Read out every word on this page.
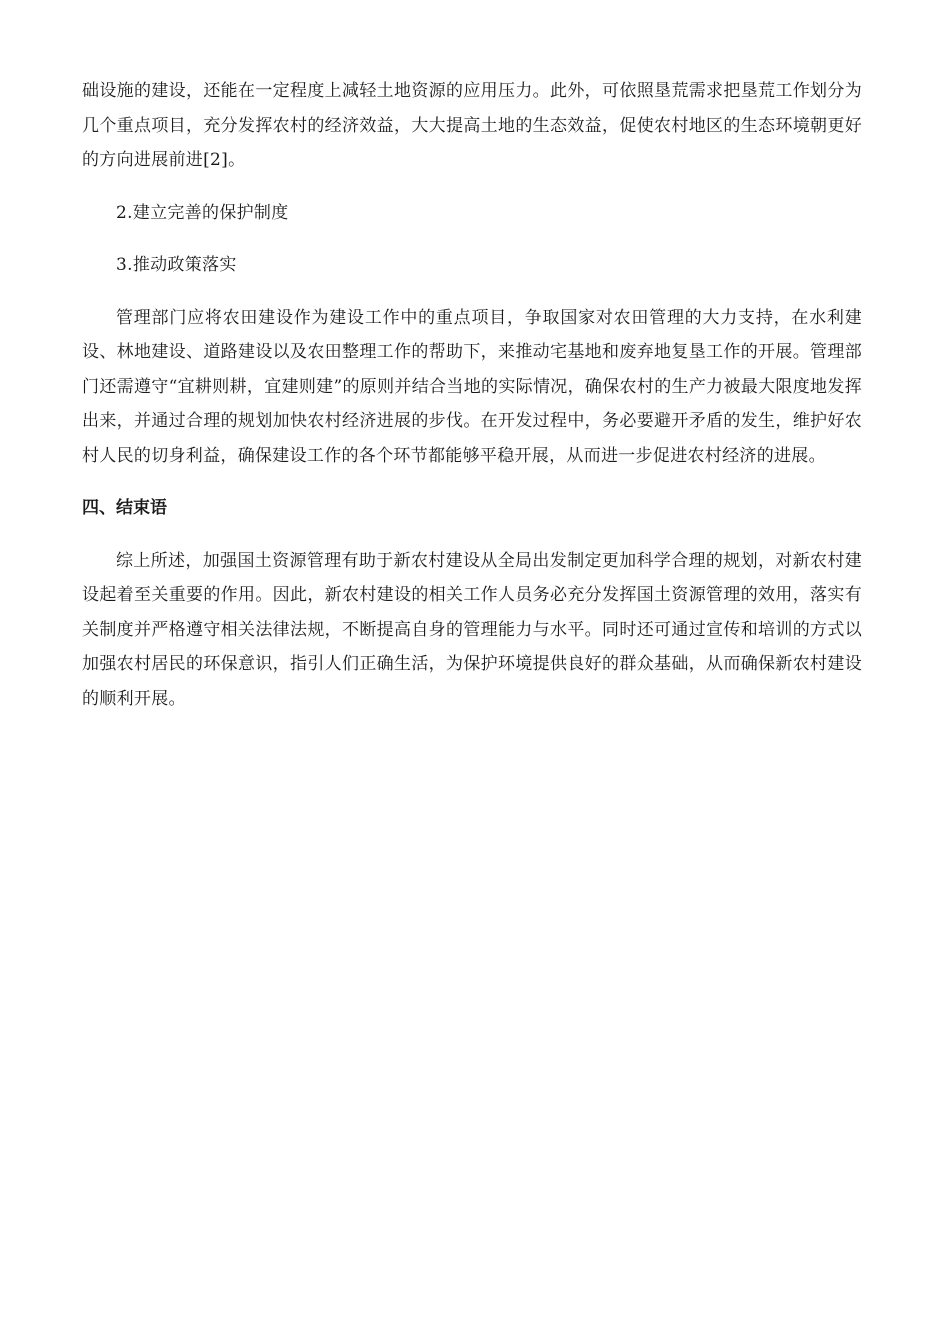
础设施的建设，还能在一定程度上减轻土地资源的应用压力。此外，可依照垦荒需求把垦荒工作划分为几个重点项目，充分发挥农村的经济效益，大大提高土地的生态效益，促使农村地区的生态环境朝更好的方向进展前进[2]。

2.建立完善的保护制度

3.推动政策落实

管理部门应将农田建设作为建设工作中的重点项目，争取国家对农田管理的大力支持，在水利建设、林地建设、道路建设以及农田整理工作的帮助下，来推动宅基地和废弃地复垦工作的开展。管理部门还需遵守“宜耕则耕，宜建则建”的原则并结合当地的实际情况，确保农村的生产力被最大限度地发挥出来，并通过合理的规划加快农村经济进展的步伐。在开发过程中，务必要避开矛盾的发生，维护好农村人民的切身利益，确保建设工作的各个环节都能够平稳开展，从而进一步促进农村经济的进展。

四、结束语

综上所述，加强国土资源管理有助于新农村建设从全局出发制定更加科学合理的规划，对新农村建设起着至关重要的作用。因此，新农村建设的相关工作人员务必充分发挥国土资源管理的效用，落实有关制度并严格遵守相关法律法规，不断提高自身的管理能力与水平。同时还可通过宣传和培训的方式以加强农村居民的环保意识，指引人们正确生活，为保护环境提供良好的群众基础，从而确保新农村建设的顺利开展。
